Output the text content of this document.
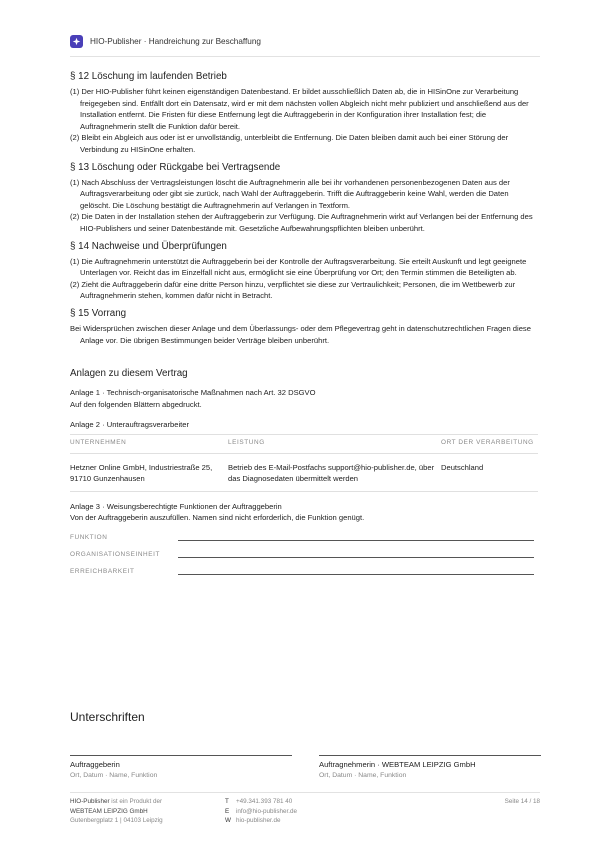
HIO-Publisher · Handreichung zur Beschaffung
§ 12 Löschung im laufenden Betrieb

(1) Der HIO-Publisher führt keinen eigenständigen Datenbestand. Er bildet ausschließlich Daten ab, die in HISinOne zur Verarbeitung freigegeben sind. Entfällt dort ein Datensatz, wird er mit dem nächsten vollen Abgleich nicht mehr publiziert und anschließend aus der Installation entfernt. Die Fristen für diese Entfernung legt die Auftraggeberin in der Konfiguration ihrer Installation fest; die Auftragnehmerin stellt die Funktion dafür bereit.

(2) Bleibt ein Abgleich aus oder ist er unvollständig, unterbleibt die Entfernung. Die Daten bleiben damit auch bei einer Störung der Verbindung zu HISinOne erhalten.

§ 13 Löschung oder Rückgabe bei Vertragsende

(1) Nach Abschluss der Vertragsleistungen löscht die Auftragnehmerin alle bei ihr vorhandenen personenbezogenen Daten aus der Auftragsverarbeitung oder gibt sie zurück, nach Wahl der Auftraggeberin. Trifft die Auftraggeberin keine Wahl, werden die Daten gelöscht. Die Löschung bestätigt die Auftragnehmerin auf Verlangen in Textform.

(2) Die Daten in der Installation stehen der Auftraggeberin zur Verfügung. Die Auftragnehmerin wirkt auf Verlangen bei der Entfernung des HIO-Publishers und seiner Datenbestände mit. Gesetzliche Aufbewahrungspflichten bleiben unberührt.

§ 14 Nachweise und Überprüfungen

(1) Die Auftragnehmerin unterstützt die Auftraggeberin bei der Kontrolle der Auftragsverarbeitung. Sie erteilt Auskunft und legt geeignete Unterlagen vor. Reicht das im Einzelfall nicht aus, ermöglicht sie eine Überprüfung vor Ort; den Termin stimmen die Beteiligten ab.

(2) Zieht die Auftraggeberin dafür eine dritte Person hinzu, verpflichtet sie diese zur Vertraulichkeit; Personen, die im Wettbewerb zur Auftragnehmerin stehen, kommen dafür nicht in Betracht.

§ 15 Vorrang

Bei Widersprüchen zwischen dieser Anlage und dem Überlassungs- oder dem Pflegevertrag geht in datenschutzrechtlichen Fragen diese Anlage vor. Die übrigen Bestimmungen beider Verträge bleiben unberührt.

Anlagen zu diesem Vertrag
Anlage 1 · Technisch-organisatorische Maßnahmen nach Art. 32 DSGVO
Auf den folgenden Blättern abgedruckt.
Anlage 2 · Unterauftragsverarbeiter
UNTERNEHMEN	LEISTUNG	ORT DER VERARBEITUNG
Hetzner Online GmbH, Industriestraße 25, 91710 Gunzenhausen	Betrieb des E-Mail-Postfachs support@hio-publisher.de, über das Diagnosedaten übermittelt werden	Deutschland
Anlage 3 · Weisungsberechtigte Funktionen der Auftraggeberin
Von der Auftraggeberin auszufüllen. Namen sind nicht erforderlich, die Funktion genügt.
FUNKTION
ORGANISATIONSEINHEIT
ERREICHBARKEIT
Unterschriften
Auftraggeberin
Ort, Datum · Name, Funktion
Auftragnehmerin · WEBTEAM LEIPZIG GmbH
Ort, Datum · Name, Funktion
HIO-Publisher ist ein Produkt der
WEBTEAM LEIPZIG GmbH
Gutenbergplatz 1 | 04103 Leipzig
T +49.341.393 781 40
E info@hio-publisher.de
W hio-publisher.de
Seite 14 / 18
